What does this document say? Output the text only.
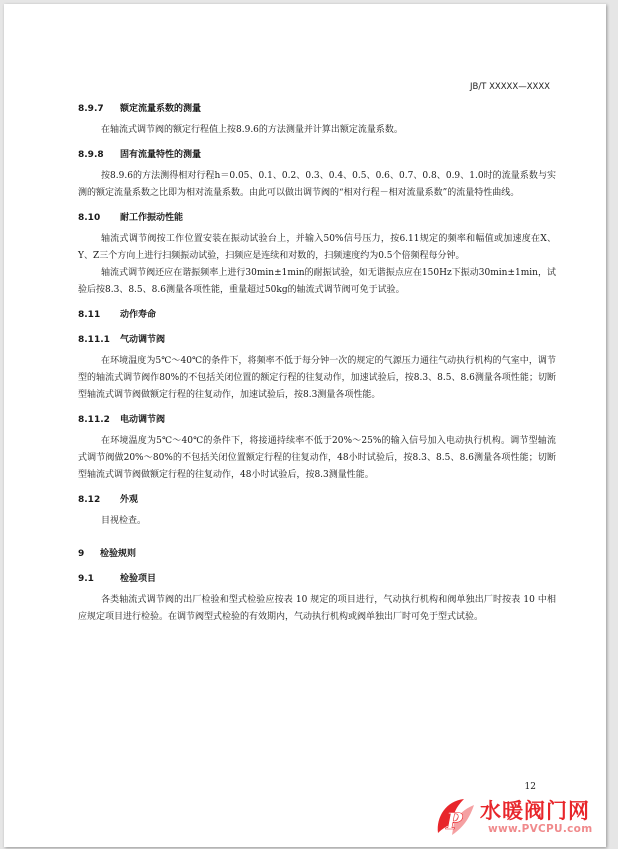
JB/T XXXXX—XXXX
8.9.7 额定流量系数的测量

在轴流式调节阀的额定行程值上按8.9.6的方法测量并计算出额定流量系数。

8.9.8 固有流量特性的测量

按8.9.6的方法测得相对行程h＝0.05、0.1、0.2、0.3、0.4、0.5、0.6、0.7、0.8、0.9、1.0时的流量系数与实测的额定流量系数之比即为相对流量系数。由此可以做出调节阀的“相对行程－相对流量系数”的流量特性曲线。

8.10 耐工作振动性能

轴流式调节阀按工作位置安装在振动试验台上，并输入50%信号压力，按6.11规定的频率和幅值或加速度在X、Y、Z三个方向上进行扫频振动试验，扫频应是连续和对数的，扫频速度约为0.5个倍频程每分钟。

轴流式调节阀还应在谐振频率上进行30min±1min的耐振试验，如无谐振点应在150Hz下振动30min±1min，试验后按8.3、8.5、8.6测量各项性能，重量超过50kg的轴流式调节阀可免于试验。

8.11 动作寿命
8.11.1 气动调节阀

在环境温度为5℃～40℃的条件下，将频率不低于每分钟一次的规定的气源压力通往气动执行机构的气室中，调节型的轴流式调节阀作80%的不包括关闭位置的额定行程的往复动作，加速试验后，按8.3、8.5、8.6测量各项性能；切断型轴流式调节阀做额定行程的往复动作，加速试验后，按8.3测量各项性能。

8.11.2 电动调节阀

在环境温度为5℃～40℃的条件下，将接通持续率不低于20%～25%的输入信号加入电动执行机构。调节型轴流式调节阀做20%～80%的不包括关闭位置额定行程的往复动作，48小时试验后，按8.3、8.5、8.6测量各项性能；切断型轴流式调节阀做额定行程的往复动作，48小时试验后，按8.3测量性能。

8.12 外观

目视检查。

9 检验规则
9.1	检验项目

各类轴流式调节阀的出厂检验和型式检验应按表 10 规定的项目进行，气动执行机构和阀单独出厂时按表 10 中相应规定项目进行检验。在调节阀型式检验的有效期内，气动执行机构或阀单独出厂时可免于型式试验。

12
P 水暖阀门网
www.PVCPU.com
